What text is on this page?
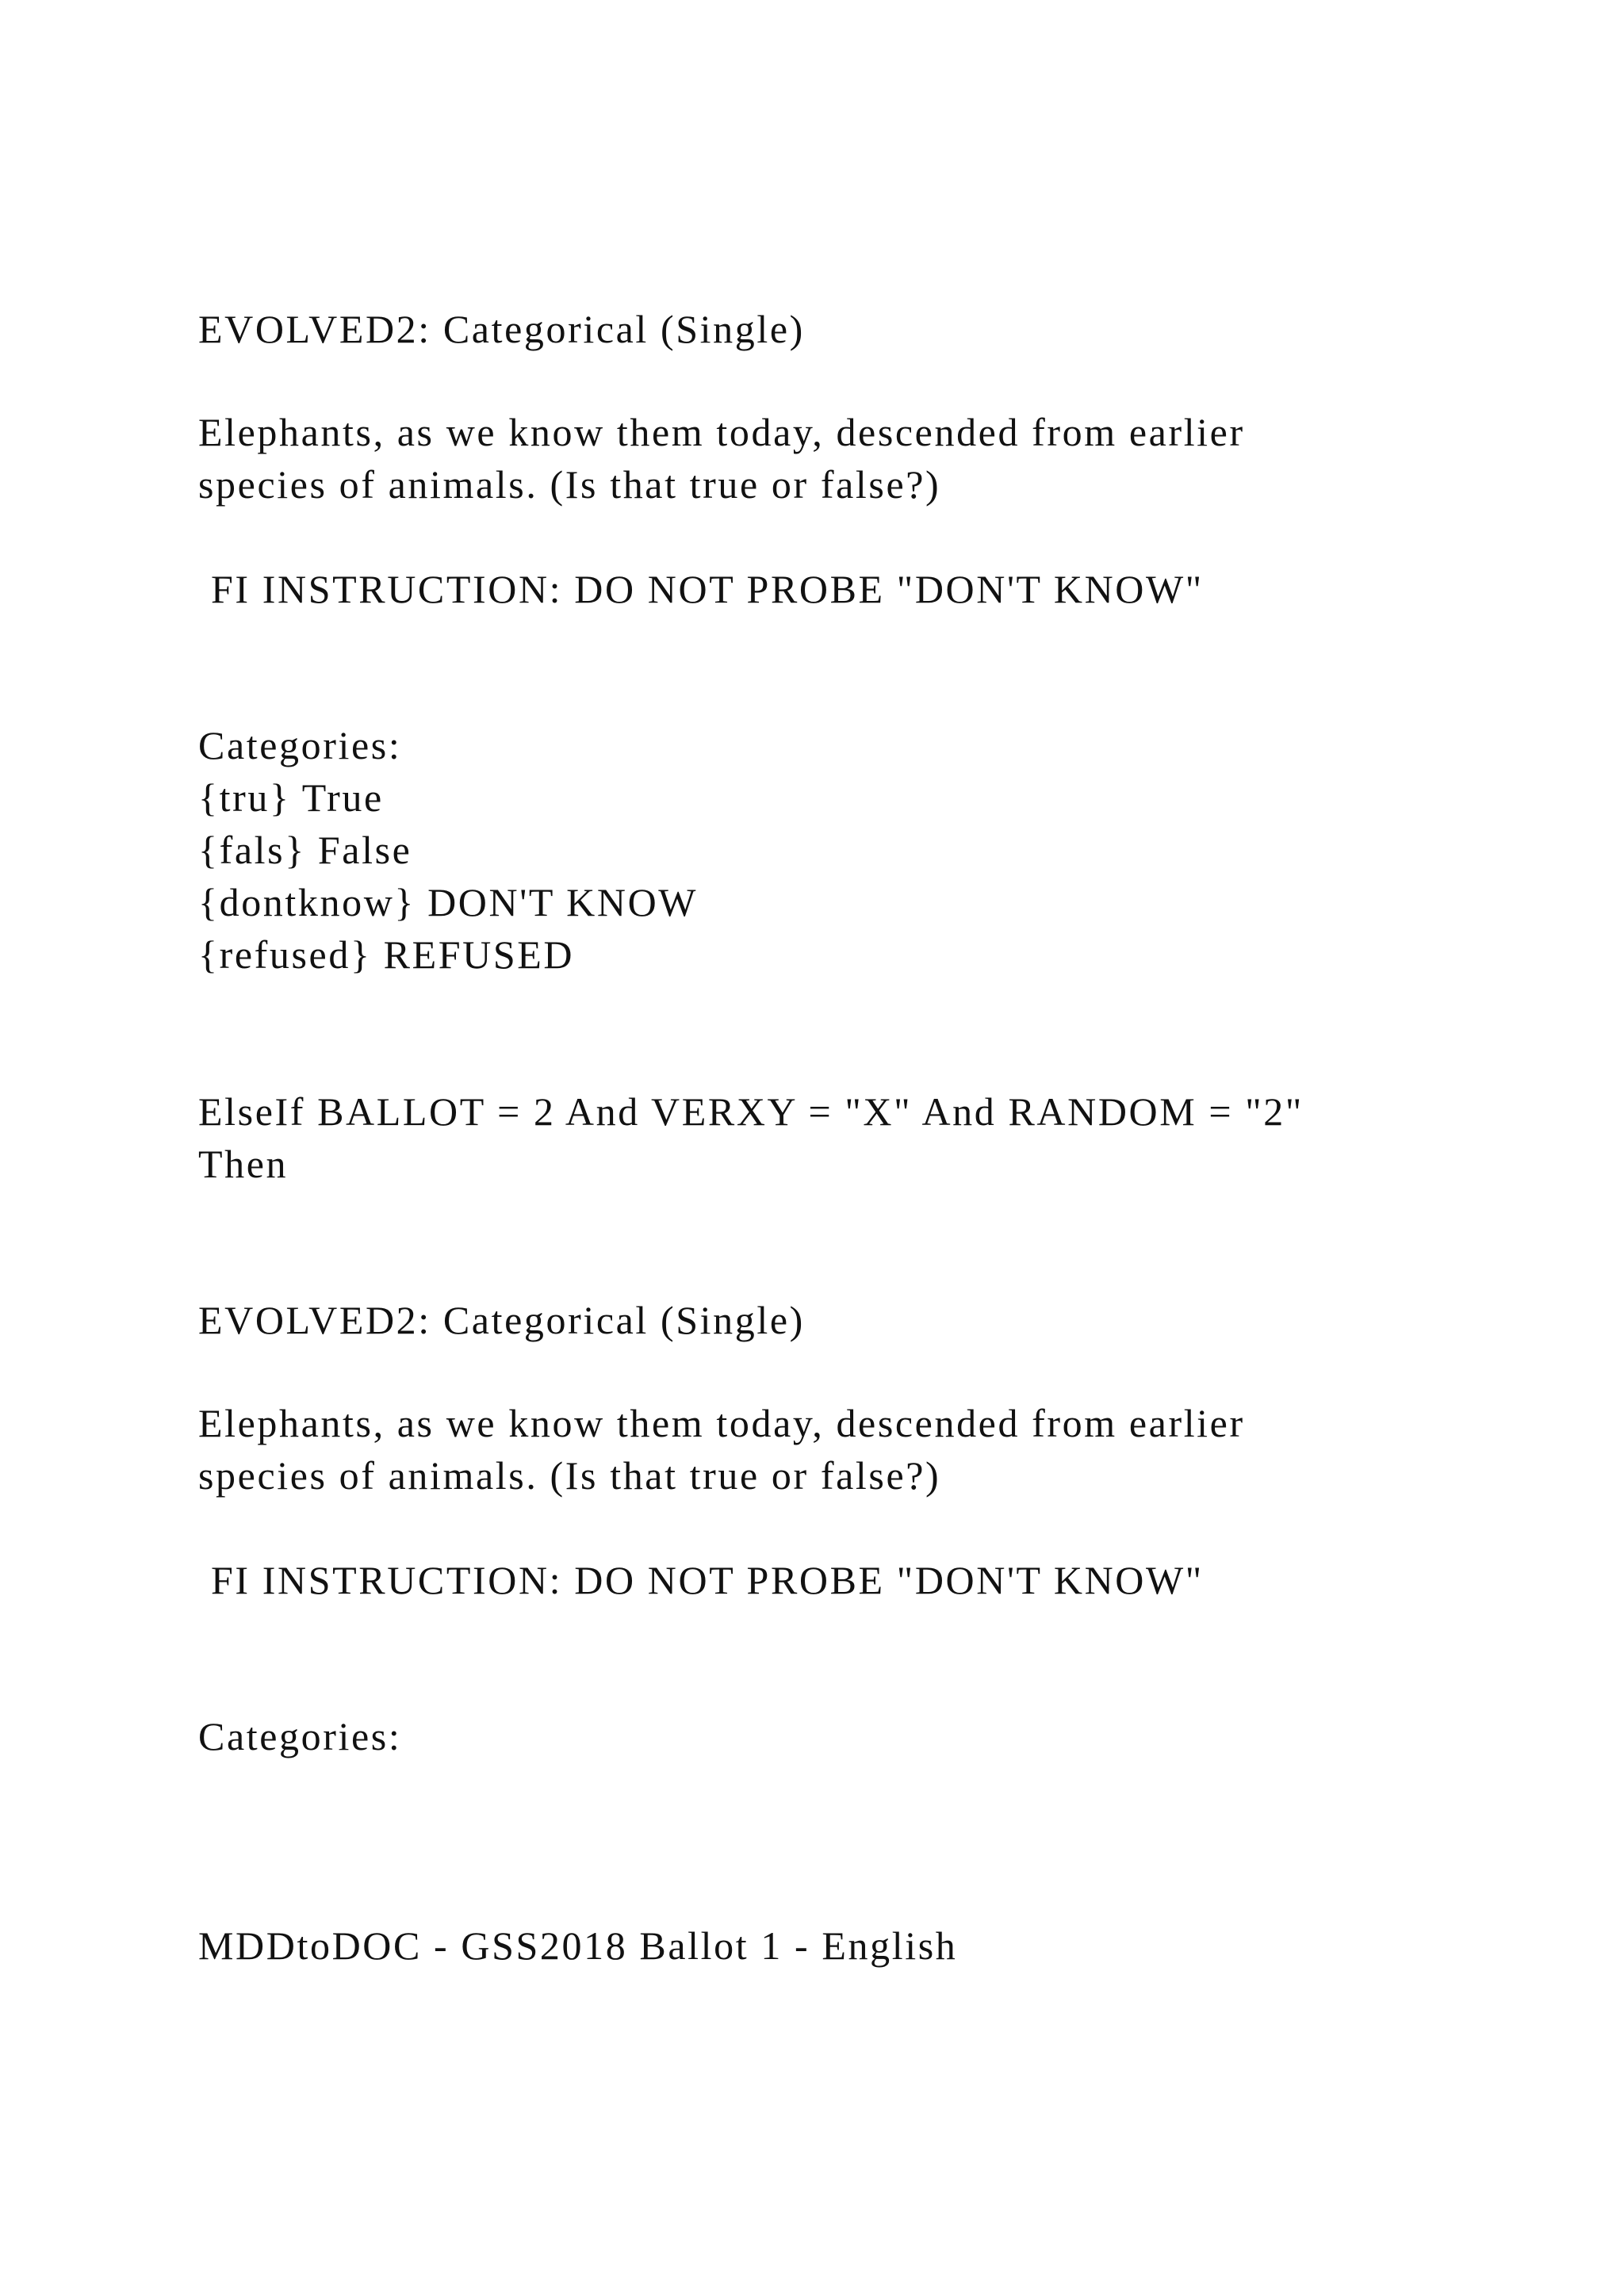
EVOLVED2: Categorical (Single)

Elephants, as we know them today, descended from earlier

species of animals. (Is that true or false?)

FI INSTRUCTION: DO NOT PROBE "DON'T KNOW"

Categories:

{tru} True

{fals} False

{dontknow} DON'T KNOW

{refused} REFUSED

ElseIf BALLOT = 2 And VERXY = "X" And RANDOM = "2"

Then

EVOLVED2: Categorical (Single)

Elephants, as we know them today, descended from earlier

species of animals. (Is that true or false?)

FI INSTRUCTION: DO NOT PROBE "DON'T KNOW"

Categories:

MDDtoDOC - GSS2018 Ballot 1 - English
